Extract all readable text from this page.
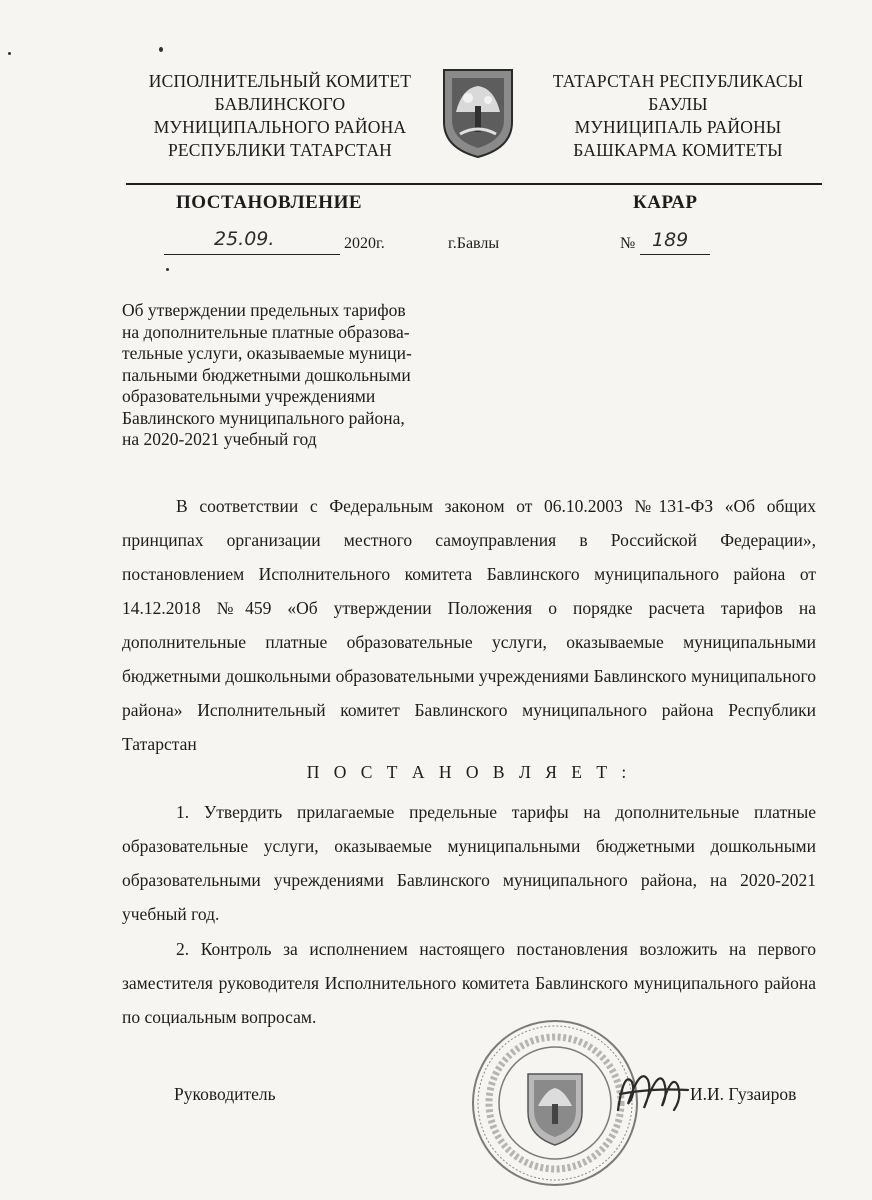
ИСПОЛНИТЕЛЬНЫЙ КОМИТЕТ
БАВЛИНСКОГО
МУНИЦИПАЛЬНОГО РАЙОНА
РЕСПУБЛИКИ ТАТАРСТАН
ТАТАРСТАН РЕСПУБЛИКАСЫ
БАУЛЫ
МУНИЦИПАЛЬ РАЙОНЫ
БАШКАРМА КОМИТЕТЫ
ПОСТАНОВЛЕНИЕ	КАРАР
25.09.	2020г.	г.Бавлы	№ 189
Об утверждении предельных тарифов
на дополнительные платные образова-
тельные услуги, оказываемые муници-
пальными бюджетными дошкольными
образовательными учреждениями
Бавлинского муниципального района,
на 2020-2021 учебный год
В соответствии с Федеральным законом от 06.10.2003 №131-ФЗ «Об общих принципах организации местного самоуправления в Российской Федерации», постановлением Исполнительного комитета Бавлинского муниципального района от 14.12.2018 №459 «Об утверждении Положения о порядке расчета тарифов на дополнительные платные образовательные услуги, оказываемые муниципальными бюджетными дошкольными образовательными учреждениями Бавлинского муниципального района» Исполнительный комитет Бавлинского муниципального района Республики Татарстан
П О С Т А Н О В Л Я Е Т :
1. Утвердить прилагаемые предельные тарифы на дополнительные платные образовательные услуги, оказываемые муниципальными бюджетными дошкольными образовательными учреждениями Бавлинского муниципального района, на 2020-2021 учебный год.
2. Контроль за исполнением настоящего постановления возложить на первого заместителя руководителя Исполнительного комитета Бавлинского муниципального района по социальным вопросам.
Руководитель	И.И. Гузаиров
